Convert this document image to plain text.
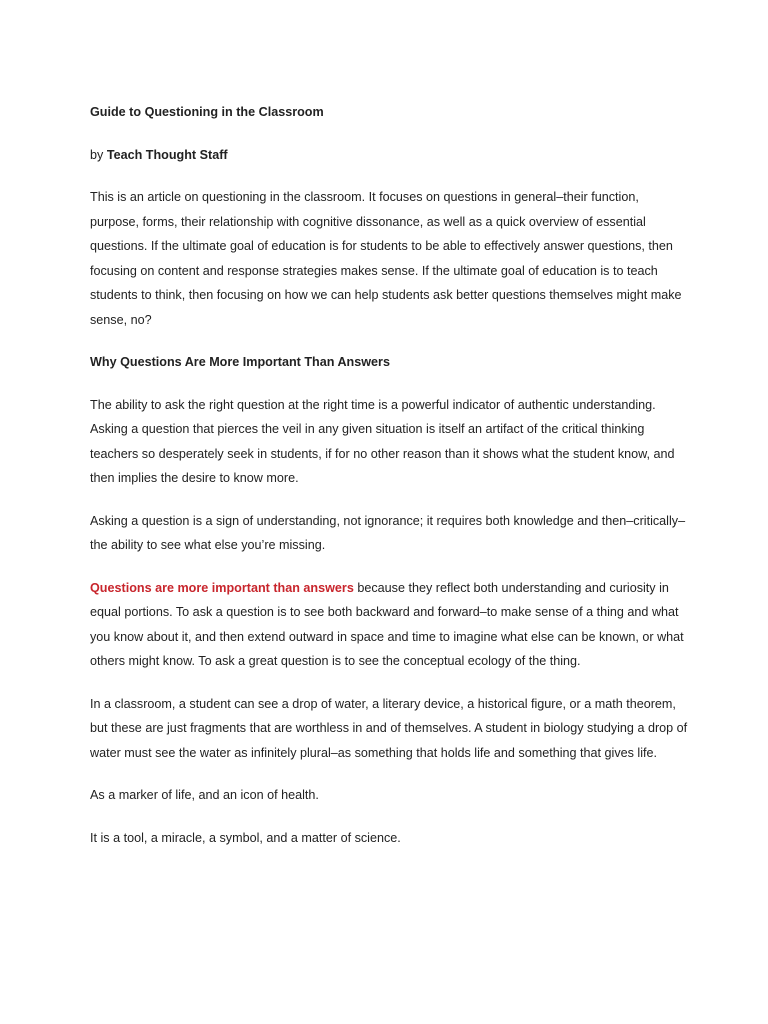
Guide to Questioning in the Classroom

by Teach Thought Staff

This is an article on questioning in the classroom. It focuses on questions in general–their function, purpose, forms, their relationship with cognitive dissonance, as well as a quick overview of essential questions. If the ultimate goal of education is for students to be able to effectively answer questions, then focusing on content and response strategies makes sense. If the ultimate goal of education is to teach students to think, then focusing on how we can help students ask better questions themselves might make sense, no?

Why Questions Are More Important Than Answers

The ability to ask the right question at the right time is a powerful indicator of authentic understanding. Asking a question that pierces the veil in any given situation is itself an artifact of the critical thinking teachers so desperately seek in students, if for no other reason than it shows what the student know, and then implies the desire to know more.

Asking a question is a sign of understanding, not ignorance; it requires both knowledge and then–critically–the ability to see what else you’re missing.

Questions are more important than answers because they reflect both understanding and curiosity in equal portions. To ask a question is to see both backward and forward–to make sense of a thing and what you know about it, and then extend outward in space and time to imagine what else can be known, or what others might know. To ask a great question is to see the conceptual ecology of the thing.

In a classroom, a student can see a drop of water, a literary device, a historical figure, or a math theorem, but these are just fragments that are worthless in and of themselves. A student in biology studying a drop of water must see the water as infinitely plural–as something that holds life and something that gives life.

As a marker of life, and an icon of health.

It is a tool, a miracle, a symbol, and a matter of science.
